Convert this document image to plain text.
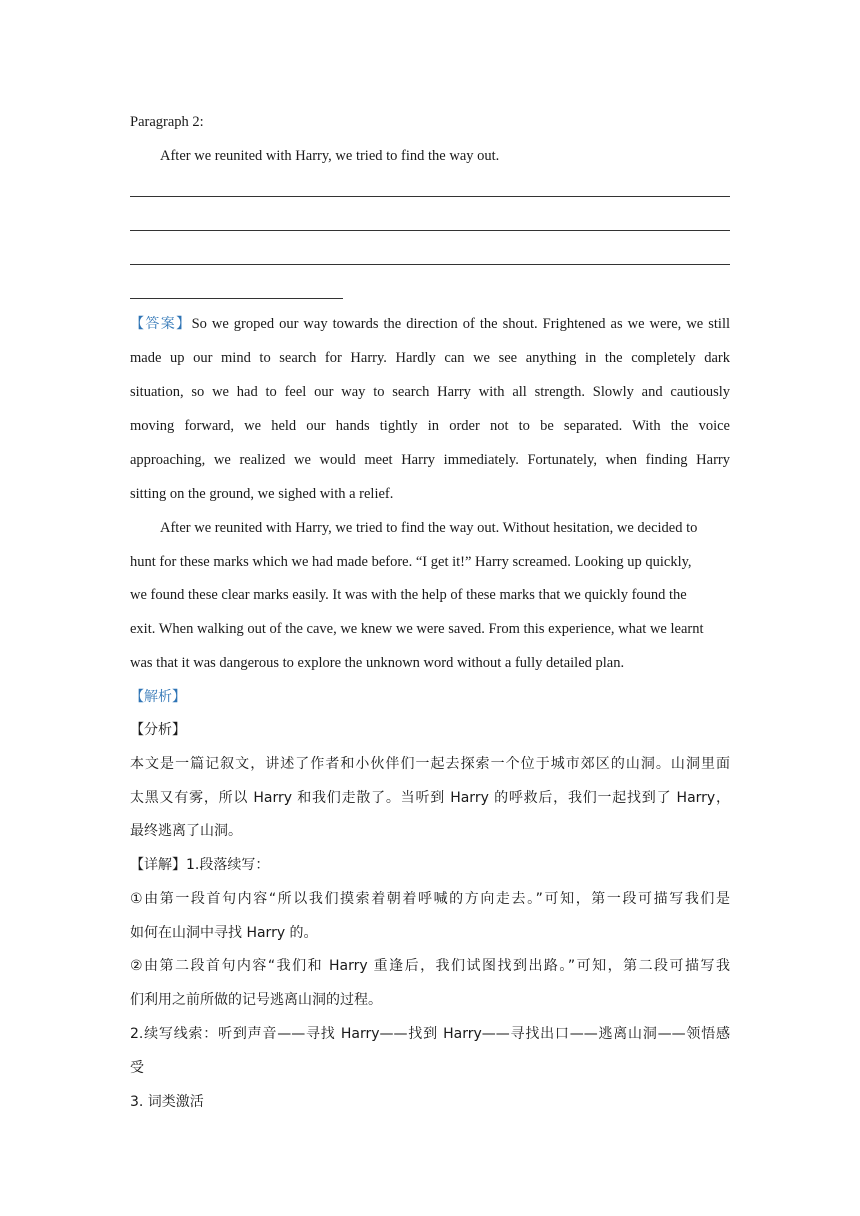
Paragraph 2:
After we reunited with Harry, we tried to find the way out.
【答案】So we groped our way towards the direction of the shout. Frightened as we were, we still
made up our mind to search for Harry. Hardly can we see anything in the completely dark
situation, so we had to feel our way to search Harry with all strength. Slowly and cautiously
moving forward, we held our hands tightly in order not to be separated. With the voice
approaching, we realized we would meet Harry immediately. Fortunately, when finding Harry
sitting on the ground, we sighed with a relief.
After we reunited with Harry, we tried to find the way out. Without hesitation, we decided to
hunt for these marks which we had made before. “I get it!” Harry screamed. Looking up quickly,
we found these clear marks easily. It was with the help of these marks that we quickly found the
exit. When walking out of the cave, we knew we were saved. From this experience, what we learnt
was that it was dangerous to explore the unknown word without a fully detailed plan.
【解析】
【分析】
本文是一篇记叙文，讲述了作者和小伙伴们一起去探索一个位于城市郊区的山洞。山洞里面
太黑又有雾，所以 Harry 和我们走散了。当听到 Harry 的呼救后，我们一起找到了 Harry，
最终逃离了山洞。
【详解】1.段落续写：
①由第一段首句内容“所以我们摸索着朝着呼喊的方向走去。”可知，第一段可描写我们是
如何在山洞中寻找 Harry 的。
②由第二段首句内容“我们和 Harry 重逢后，我们试图找到出路。”可知，第二段可描写我
们利用之前所做的记号逃离山洞的过程。
2.续写线索：听到声音——寻找 Harry——找到 Harry——寻找出口——逃离山洞——领悟感
受
3. 词类激活
